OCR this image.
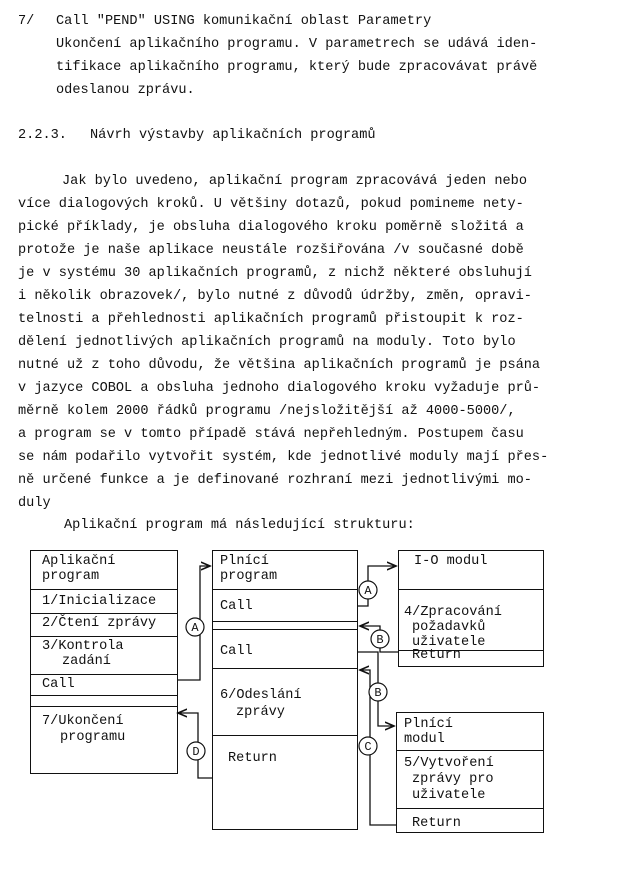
7/ Call "PEND" USING komunikační oblast Parametry
Ukončení aplikačního programu. V parametrech se udává iden-
tifikace aplikačního programu, který bude zpracovávat právě
odeslanou zprávu.
2.2.3. Návrh výstavby aplikačních programů
Jak bylo uvedeno, aplikační program zpracovává jeden nebo
více dialogových kroků. U většiny dotazů, pokud pomineme nety-
pické příklady, je obsluha dialogového kroku poměrně složitá a
protože je naše aplikace neustále rozšiřována /v současné době
je v systému 30 aplikačních programů, z nichž některé obsluhují
i několik obrazovek/, bylo nutné z důvodů údržby, změn, opravi-
telnosti a přehlednosti aplikačních programů přistoupit k roz-
dělení jednotlivých aplikačních programů na moduly. Toto bylo
nutné už z toho důvodu, že většina aplikačních programů je psána
v jazyce COBOL a obsluha jednoho dialogového kroku vyžaduje prů-
měrně kolem 2000 řádků programu /nejsložitější až 4000-5000/,
a program se v tomto případě stává nepřehledným. Postupem času
se nám podařilo vytvořit systém, kde jednotlivé moduly mají přes-
ně určené funkce a je definované rozhraní mezi jednotlivými mo-
duly
Aplikační program má následující strukturu:
A
D
A
B
B
C
Aplikační
program
1/Inicializace
2/Čtení zprávy
3/Kontrola
zadání
Call
7/Ukončení
programu
Plnící
program
Call
Call
6/Odeslání
zprávy
Return
I-O modul
4/Zpracování
požadavků
uživatele
Return
Plnící
modul
5/Vytvoření
zprávy pro
uživatele
Return
